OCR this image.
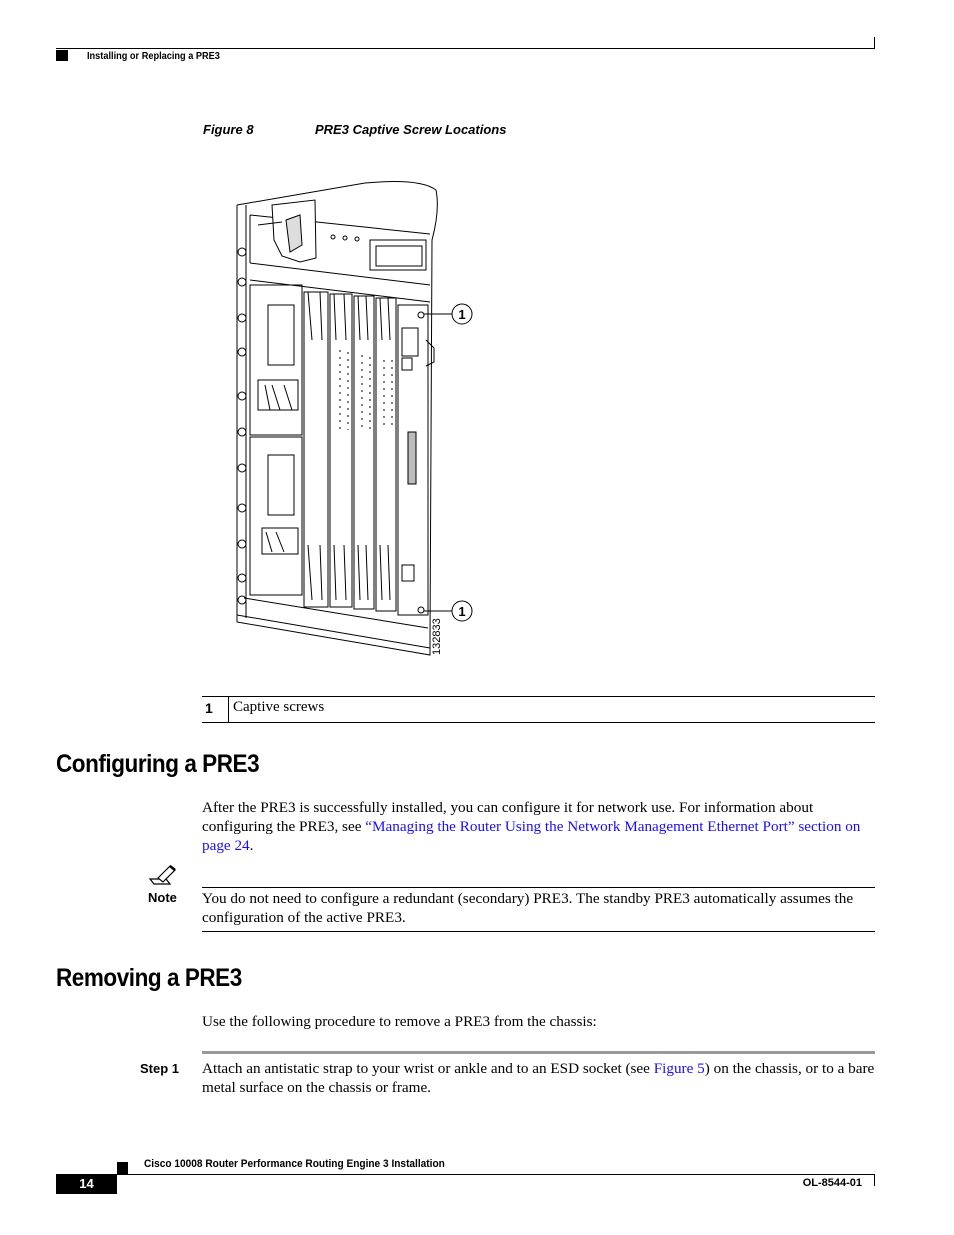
Installing or Replacing a PRE3
Figure 8	PRE3 Captive Screw Locations
1
1
132833
1 Captive screws
Configuring a PRE3
After the PRE3 is successfully installed, you can configure it for network use. For information about configuring the PRE3, see “Managing the Router Using the Network Management Ethernet Port” section on page 24.
Note You do not need to configure a redundant (secondary) PRE3. The standby PRE3 automatically assumes the configuration of the active PRE3.
Removing a PRE3
Use the following procedure to remove a PRE3 from the chassis:
Step 1 Attach an antistatic strap to your wrist or ankle and to an ESD socket (see Figure 5) on the chassis, or to a bare metal surface on the chassis or frame.
Cisco 10008 Router Performance Routing Engine 3 Installation
14	OL-8544-01
